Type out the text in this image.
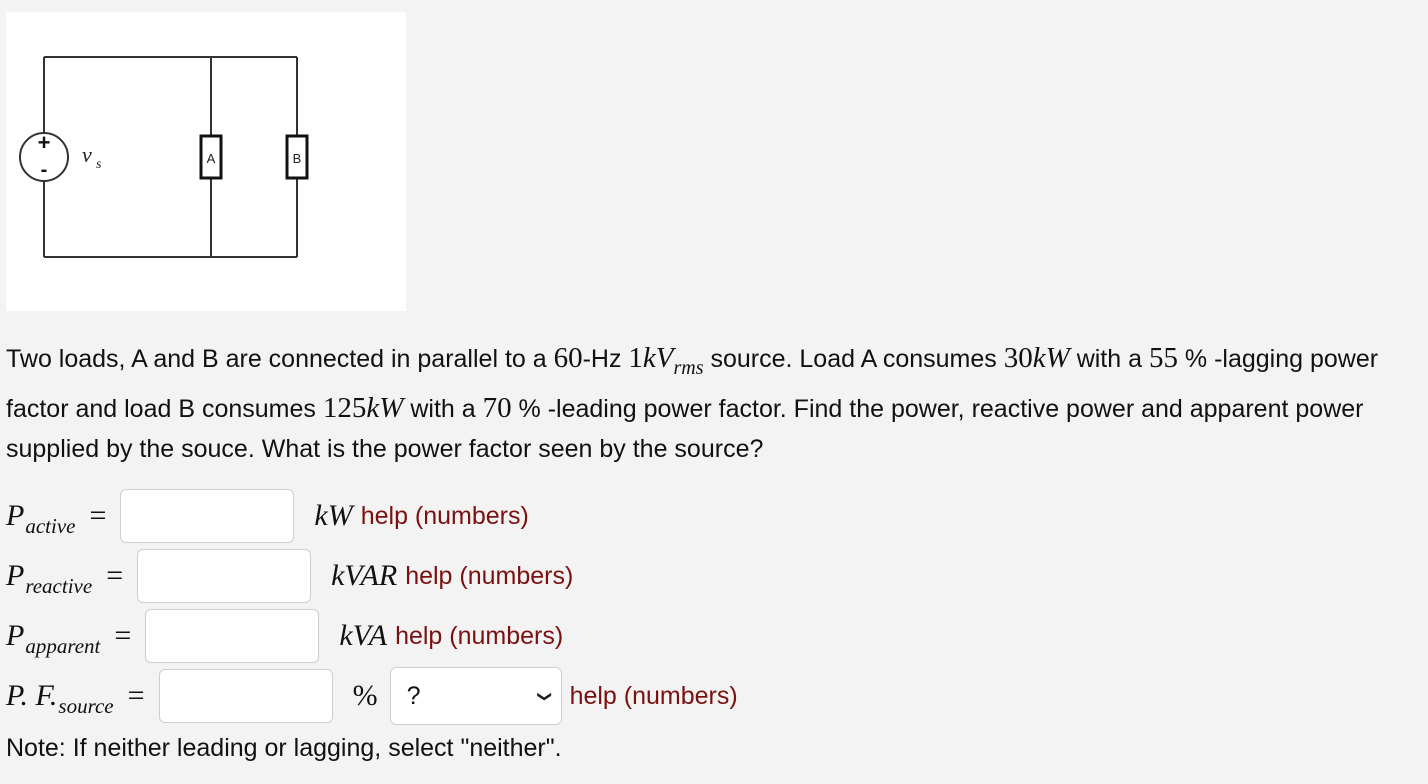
+
-
v s	A	B
Two loads, A and B are connected in parallel to a 60-Hz $1kV_{rms}$ source. Load A consumes 30kW with a 55 % -lagging power factor and load B consumes 125kW with a 70 % -leading power factor. Find the power, reactive power and apparent power supplied by the souce. What is the power factor seen by the source?
P active =	kW help (numbers)
P reactive =	kVAR help (numbers)
P apparent =	kVA help (numbers)
P. F. source =	% ?	❯ help (numbers)
Note: If neither leading or lagging, select "neither".
